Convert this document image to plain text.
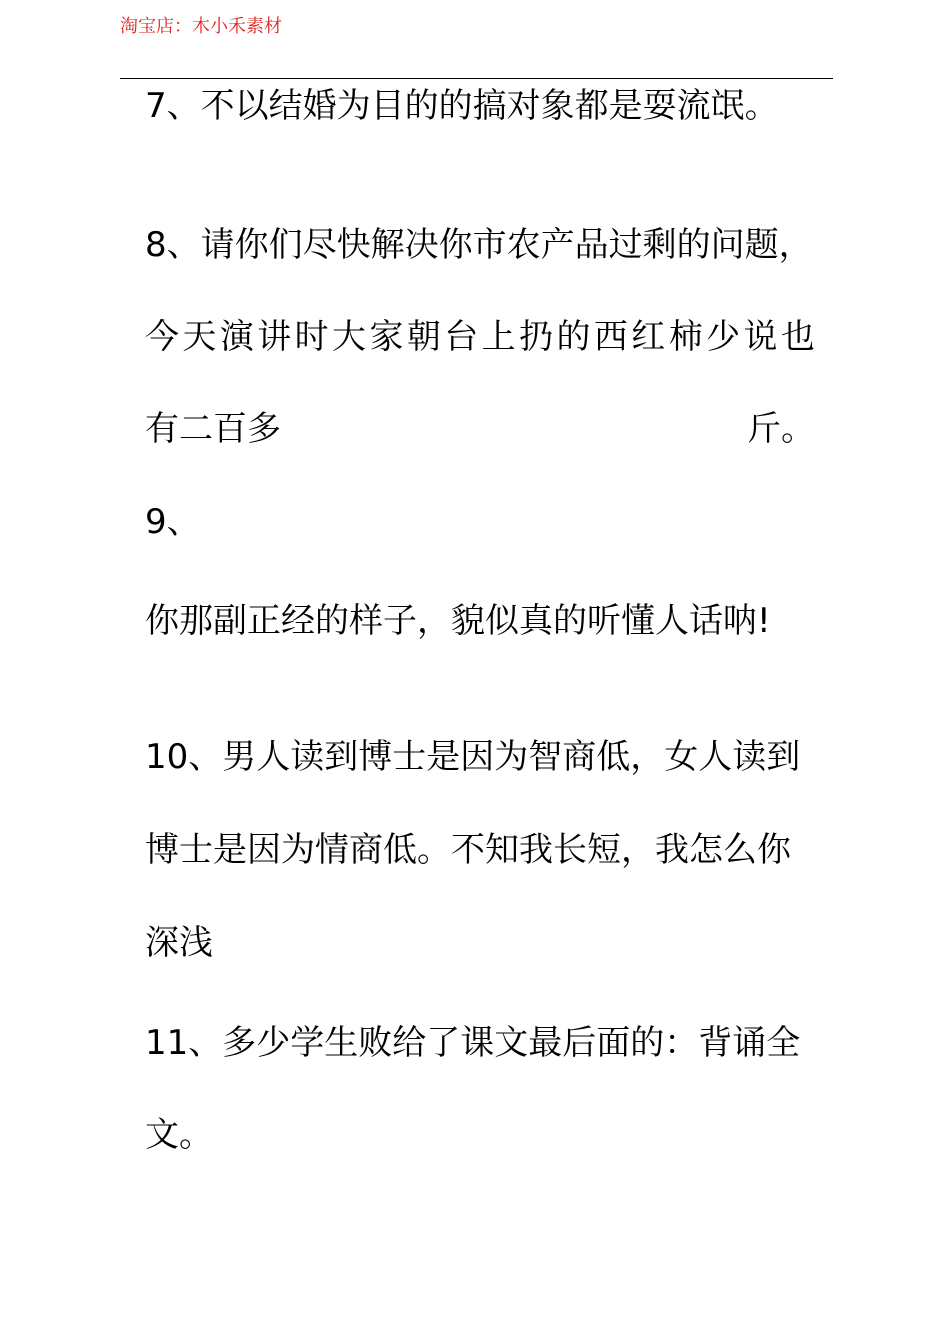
淘宝店：木小禾素材
7、不以结婚为目的的搞对象都是耍流氓。
8、请你们尽快解决你市农产品过剩的问题，
今 天 演 讲 时 大 家 朝 台 上 扔 的 西 红 柿 少 说 也
有 二 百 多	斤 。
9、
你那副正经的样子，貌似真的听懂人话呐!
10、男人读到博士是因为智商低，女人读到
博士是因为情商低。不知我长短，我怎么你
深浅
11、多少学生败给了课文最后面的：背诵全
文。
